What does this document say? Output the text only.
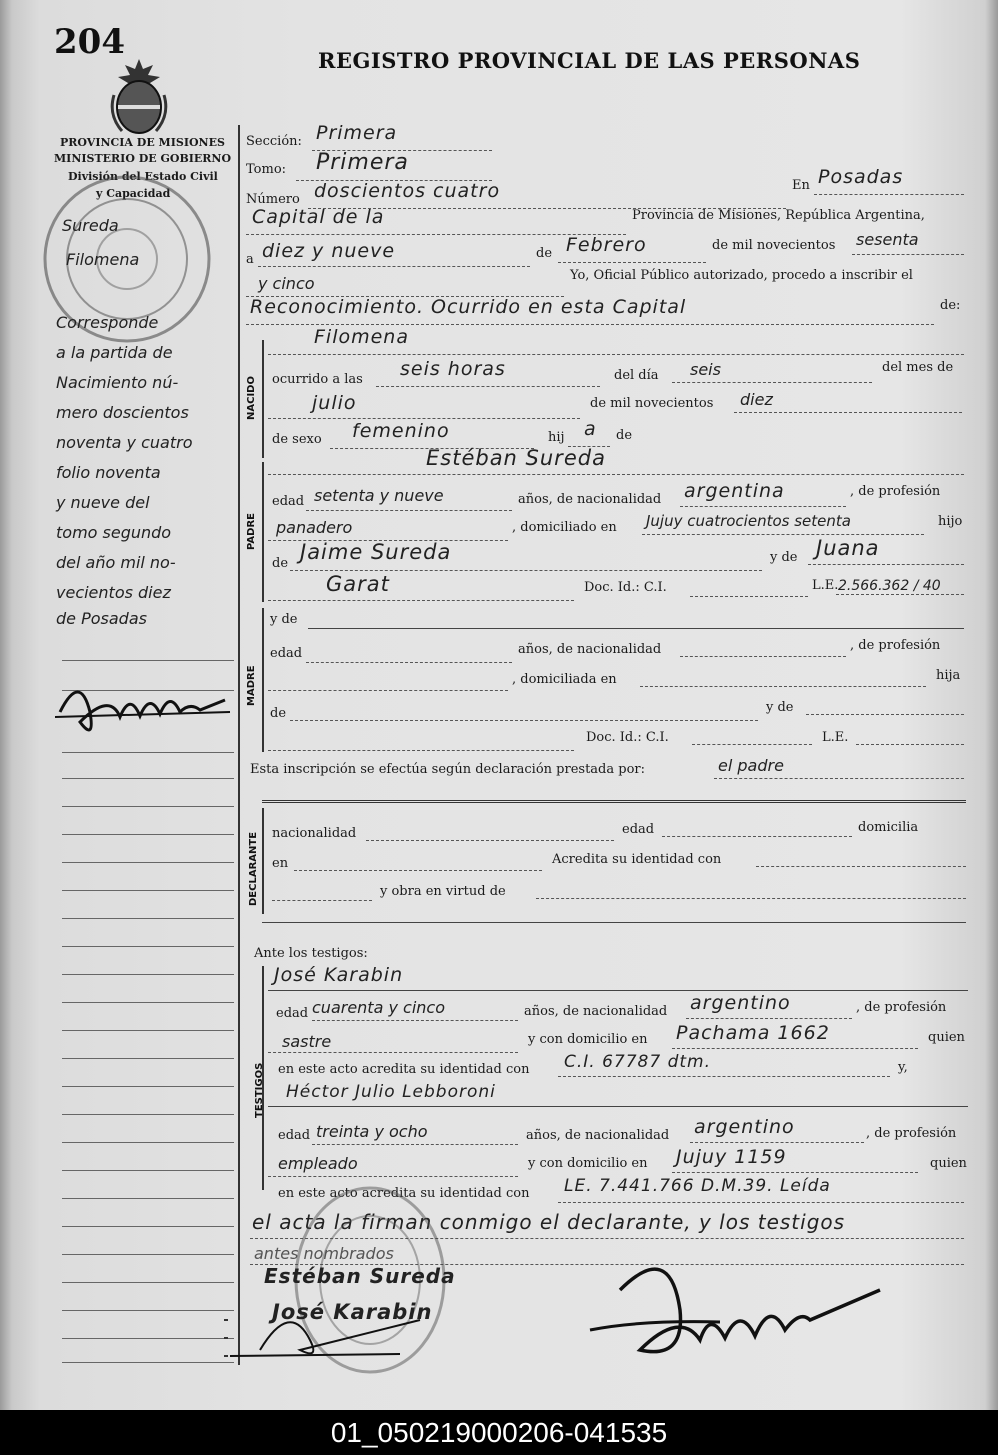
204	REGISTRO PROVINCIAL DE LAS PERSONAS
PROVINCIA DE MISIONES
MINISTERIO DE GOBIERNO
División del Estado Civil
y Capacidad
Sureda
Filomena
Corresponde
a la partida de
Nacimiento nú-
mero doscientos
noventa y cuatro
folio noventa
y nueve del
tomo segundo
del año mil no-
vecientos diez
de Posadas
Sección: Primera
Tomo: Primera
Número doscientos cuatro	En Posadas
Capital de la	Provincia de Misiones, República Argentina,
a diez y nueve	de Febrero	de mil novecientos sesenta
y cinco	Yo, Oficial Público autorizado, procedo a inscribir el
Reconocimiento. Ocurrido en esta Capital	de:
NACIDO
Filomena
ocurrido a las seis horas	del día seis	del mes de
julio	de mil novecientos diez
de sexo femenino	hij a de
Estéban Sureda
PADRE
edad setenta y nueve	años, de nacionalidad argentina	, de profesión
panadero	, domiciliado en Jujuy cuatrocientos setenta	hijo
de Jaime Sureda	y de Juana
Garat	Doc. Id.: C.I.	L.E. 2.566.362 / 40
MADRE
y de
edad	años, de nacionalidad	, de profesión
, domiciliada en	hija
de	y de
Doc. Id.: C.I.	L.E.
Esta inscripción se efectúa según declaración prestada por:	el padre
DECLARANTE nacionalidad	edad	domicilia
en	Acredita su identidad con
y obra en virtud de
Ante los testigos:
TESTIGOS
José Karabin
edad cuarenta y cinco	años, de nacionalidad argentino	, de profesión
sastre	y con domicilio en Pachama 1662	quien
en este acto acredita su identidad con C.I. 67787 dtm.	y,
Héctor Julio Lebboroni
edad treinta y ocho	años, de nacionalidad argentino	, de profesión
empleado	y con domicilio en Jujuy 1159	quien
en este acto acredita su identidad con LE. 7.441.766 D.M.39. Leída
el acta la firman conmigo el declarante, y los testigos
antes nombrados
Estéban Sureda
José Karabin
01_050219000206-041535
